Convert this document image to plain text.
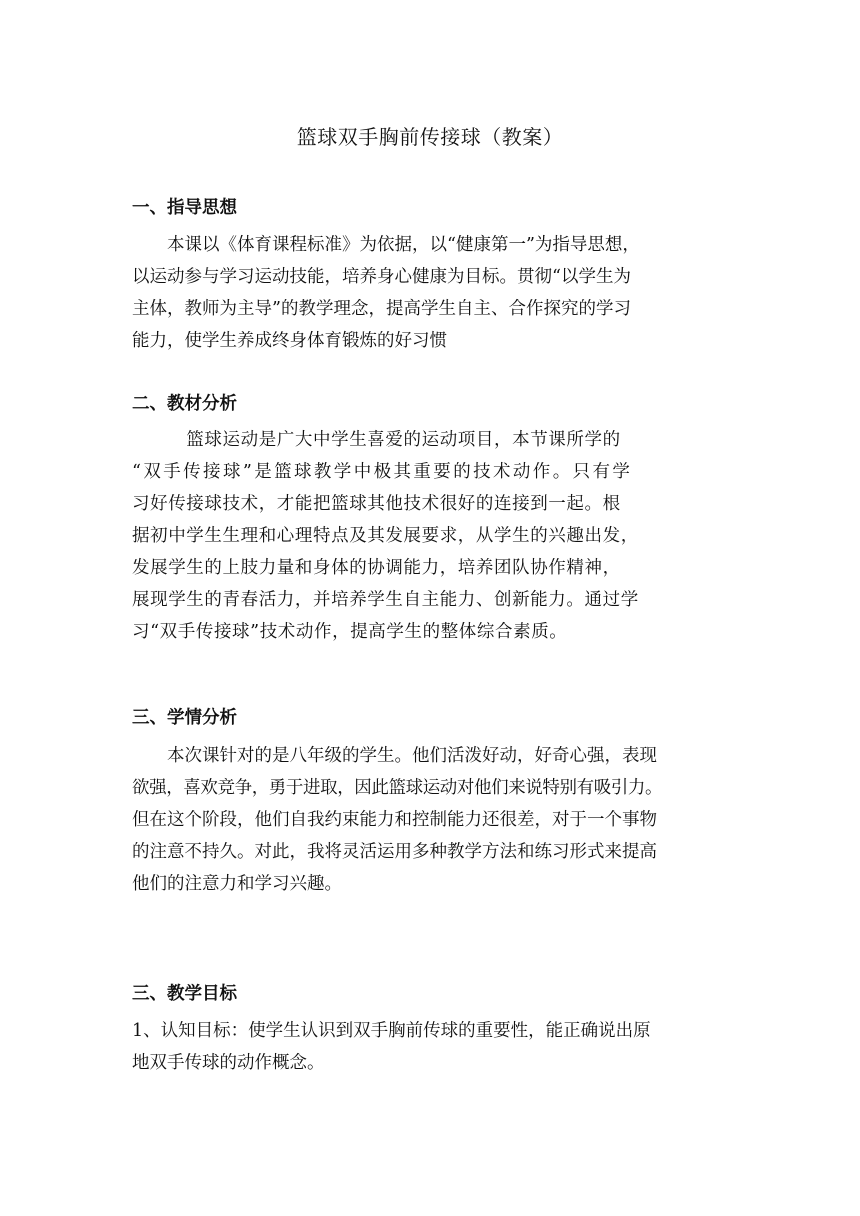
篮球双手胸前传接球（教案）
一、指导思想

　　本课以《体育课程标准》为依据，以“健康第一”为指导思想，
以运动参与学习运动技能，培养身心健康为目标。贯彻“以学生为
主体，教师为主导”的教学理念，提高学生自主、合作探究的学习
能力，使学生养成终身体育锻炼的好习惯

二、教材分析

　　　篮球运动是广大中学生喜爱的运动项目，本节课所学的
“双手传接球”是篮球教学中极其重要的技术动作。只有学
习好传接球技术，才能把篮球其他技术很好的连接到一起。根
据初中学生生理和心理特点及其发展要求，从学生的兴趣出发，
发展学生的上肢力量和身体的协调能力，培养团队协作精神，
展现学生的青春活力，并培养学生自主能力、创新能力。通过学
习“双手传接球”技术动作，提高学生的整体综合素质。

三、学情分析

　　本次课针对的是八年级的学生。他们活泼好动，好奇心强，表现
欲强，喜欢竞争，勇于进取，因此篮球运动对他们来说特别有吸引力。
但在这个阶段，他们自我约束能力和控制能力还很差，对于一个事物
的注意不持久。对此，我将灵活运用多种教学方法和练习形式来提高
他们的注意力和学习兴趣。

三、教学目标

1、认知目标：使学生认识到双手胸前传球的重要性，能正确说出原
地双手传球的动作概念。
